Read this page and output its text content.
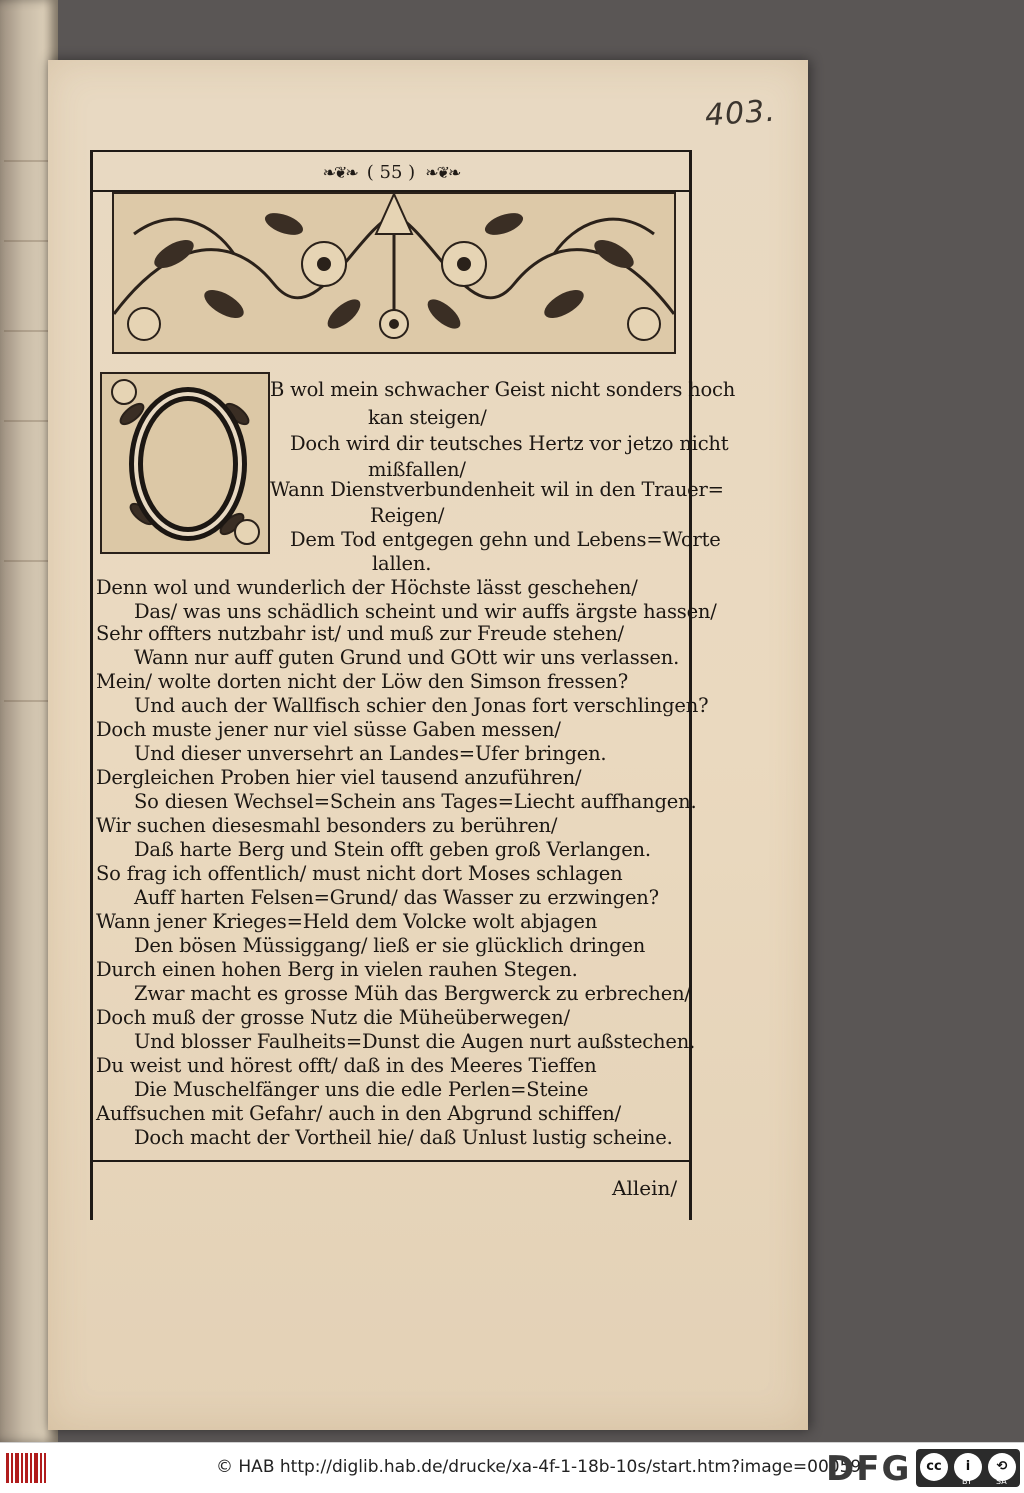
403.
❧❦❧ ( 55 ) ❧❦❧
B wol mein schwacher Geist nicht sonders hoch
kan steigen/
Doch wird dir teutsches Hertz vor jetzo nicht
mißfallen/
Wann Dienstverbundenheit wil in den Trauer=
Reigen/
Dem Tod entgegen gehn und Lebens=Worte
lallen.
Denn wol und wunderlich der Höchste lässt geschehen/
Das/ was uns schädlich scheint und wir auffs ärgste hassen/
Sehr offters nutzbahr ist/ und muß zur Freude stehen/
Wann nur auff guten Grund und GOtt wir uns verlassen.
Mein/ wolte dorten nicht der Löw den Simson fressen?
Und auch der Wallfisch schier den Jonas fort verschlingen?
Doch muste jener nur viel süsse Gaben messen/
Und dieser unversehrt an Landes=Ufer bringen.
Dergleichen Proben hier viel tausend anzuführen/
So diesen Wechsel=Schein ans Tages=Liecht auffhangen.
Wir suchen diesesmahl besonders zu berühren/
Daß harte Berg und Stein offt geben groß Verlangen.
So frag ich offentlich/ must nicht dort Moses schlagen
Auff harten Felsen=Grund/ das Wasser zu erzwingen?
Wann jener Krieges=Held dem Volcke wolt abjagen
Den bösen Müssiggang/ ließ er sie glücklich dringen
Durch einen hohen Berg in vielen rauhen Stegen.
Zwar macht es grosse Müh das Bergwerck zu erbrechen/
Doch muß der grosse Nutz die Müheüberwegen/
Und blosser Faulheits=Dunst die Augen nurt außstechen.
Du weist und hörest offt/ daß in des Meeres Tieffen
Die Muschelfänger uns die edle Perlen=Steine
Auffsuchen mit Gefahr/ auch in den Abgrund schiffen/
Doch macht der Vortheil hie/ daß Unlust lustig scheine.
Allein/
© HAB http://diglib.hab.de/drucke/xa-4f-1-18b-10s/start.htm?image=00059
DFG	cc	i	⟲
BY	SA
